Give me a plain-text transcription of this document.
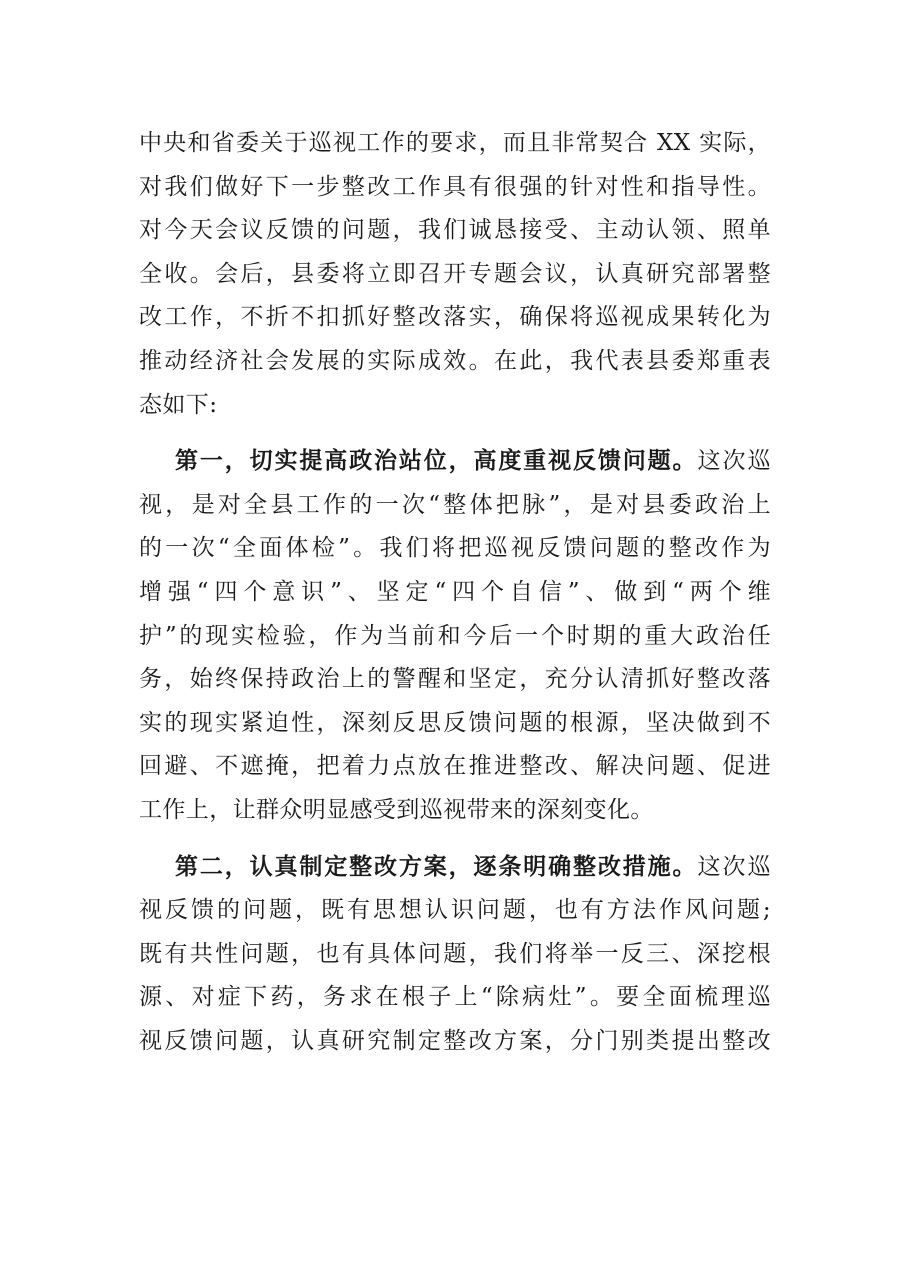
中央和省委关于巡视工作的要求，而且非常契合 XX 实际，
对我们做好下一步整改工作具有很强的针对性和指导性。
对今天会议反馈的问题，我们诚恳接受、主动认领、照单
全收。会后，县委将立即召开专题会议，认真研究部署整
改工作，不折不扣抓好整改落实，确保将巡视成果转化为
推动经济社会发展的实际成效。在此，我代表县委郑重表
态如下:
第一，切实提高政治站位，高度重视反馈问题。这次巡
视，是对全县工作的一次“整体把脉”，是对县委政治上
的一次“全面体检”。我们将把巡视反馈问题的整改作为
增强“四个意识”、坚定“四个自信”、做到“两个维
护”的现实检验，作为当前和今后一个时期的重大政治任
务，始终保持政治上的警醒和坚定，充分认清抓好整改落
实的现实紧迫性，深刻反思反馈问题的根源，坚决做到不
回避、不遮掩，把着力点放在推进整改、解决问题、促进
工作上，让群众明显感受到巡视带来的深刻变化。
第二，认真制定整改方案，逐条明确整改措施。这次巡
视反馈的问题，既有思想认识问题，也有方法作风问题;
既有共性问题，也有具体问题，我们将举一反三、深挖根
源、对症下药，务求在根子上“除病灶”。要全面梳理巡
视反馈问题，认真研究制定整改方案，分门别类提出整改
